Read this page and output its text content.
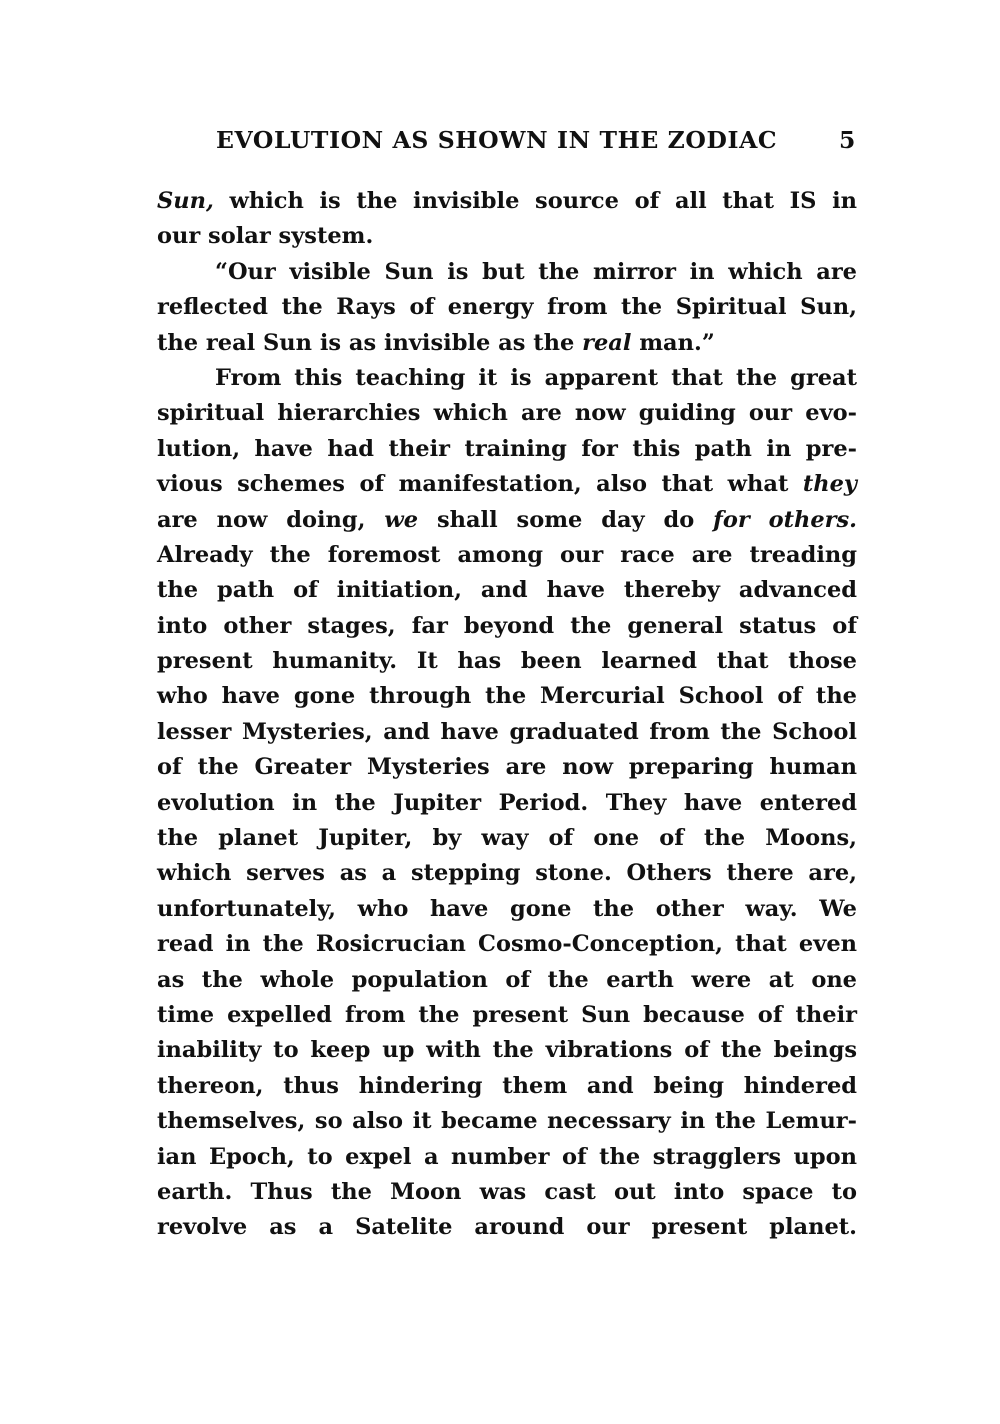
EVOLUTION AS SHOWN IN THE ZODIAC	5
Sun, which is the invisible source of all that IS in
our solar system.
“Our visible Sun is but the mirror in which are
reflected the Rays of energy from the Spiritual Sun,
the real Sun is as invisible as the real man.”
From this teaching it is apparent that the great
spiritual hierarchies which are now guiding our evo-
lution, have had their training for this path in pre-
vious schemes of manifestation, also that what they
are now doing, we shall some day do for others.
Already the foremost among our race are treading
the path of initiation, and have thereby advanced
into other stages, far beyond the general status of
present humanity. It has been learned that those
who have gone through the Mercurial School of the
lesser Mysteries, and have graduated from the School
of the Greater Mysteries are now preparing human
evolution in the Jupiter Period. They have entered
the planet Jupiter, by way of one of the Moons,
which serves as a stepping stone. Others there are,
unfortunately, who have gone the other way. We
read in the Rosicrucian Cosmo-Conception, that even
as the whole population of the earth were at one
time expelled from the present Sun because of their
inability to keep up with the vibrations of the beings
thereon, thus hindering them and being hindered
themselves, so also it became necessary in the Lemur-
ian Epoch, to expel a number of the stragglers upon
earth. Thus the Moon was cast out into space to
revolve as a Satelite around our present planet.
